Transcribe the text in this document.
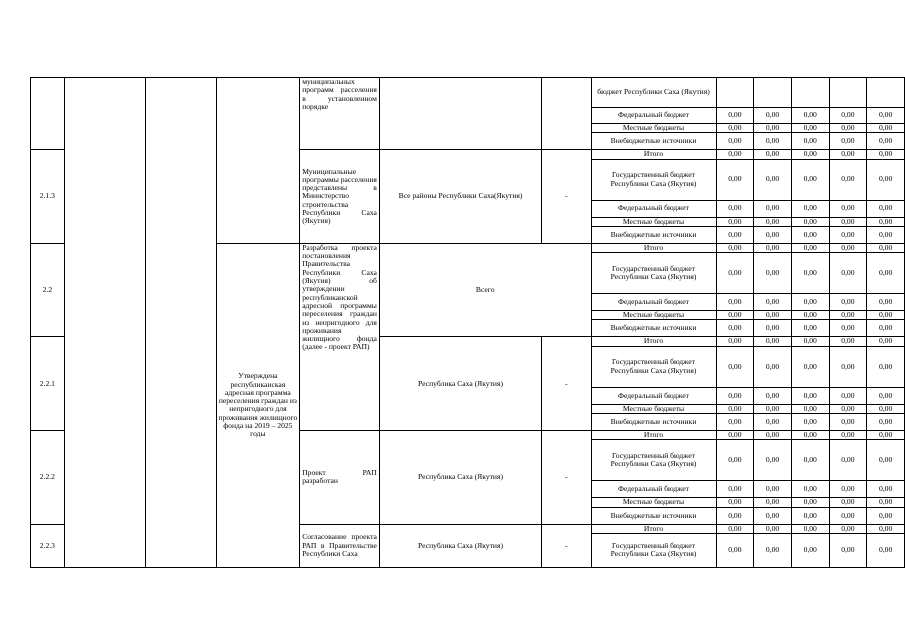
				муниципальных программ расселения в установленном порядке			бюджет Республики Саха (Якутия)					
							Федеральный бюджет	0,00	0,00	0,00	0,00	0,00
							Местные бюджеты	0,00	0,00	0,00	0,00	0,00
							Внебюджетные источники	0,00	0,00	0,00	0,00	0,00
2.1.3				Муниципальные программы расселения представлены в Министерство строительства Республики Саха (Якутия)	Все районы Республики Саха(Якутия)	-	Итого	0,00	0,00	0,00	0,00	0,00
							Государственный бюджет Республики Саха (Якутия)	0,00	0,00	0,00	0,00	0,00
							Федеральный бюджет	0,00	0,00	0,00	0,00	0,00
							Местные бюджеты	0,00	0,00	0,00	0,00	0,00
							Внебюджетные источники	0,00	0,00	0,00	0,00	0,00
2.2			Утверждена республиканская адресная программа переселения граждан из непригодного для проживания жилищного фонда на 2019 – 2025 годы	Разработка проекта постановления Правительства Республики Саха (Якутия) об утверждении республиканской адресной программы переселения граждан из непригодного для проживания жилищного фонда (далее - проект РАП)	Всего		Итого	0,00	0,00	0,00	0,00	0,00
							Государственный бюджет Республики Саха (Якутия)	0,00	0,00	0,00	0,00	0,00
							Федеральный бюджет	0,00	0,00	0,00	0,00	0,00
							Местные бюджеты	0,00	0,00	0,00	0,00	0,00
							Внебюджетные источники	0,00	0,00	0,00	0,00	0,00
2.2.1					Республика Саха (Якутия)	-	Итого	0,00	0,00	0,00	0,00	0,00
							Государственный бюджет Республики Саха (Якутия)	0,00	0,00	0,00	0,00	0,00
							Федеральный бюджет	0,00	0,00	0,00	0,00	0,00
							Местные бюджеты	0,00	0,00	0,00	0,00	0,00
							Внебюджетные источники	0,00	0,00	0,00	0,00	0,00
2.2.2				Проект РАП разработан	Республика Саха (Якутия)	-	Итого	0,00	0,00	0,00	0,00	0,00
							Государственный бюджет Республики Саха (Якутия)	0,00	0,00	0,00	0,00	0,00
							Федеральный бюджет	0,00	0,00	0,00	0,00	0,00
							Местные бюджеты	0,00	0,00	0,00	0,00	0,00
							Внебюджетные источники	0,00	0,00	0,00	0,00	0,00
2.2.3				Согласование проекта РАП в Правительстве Республики Саха	Республика Саха (Якутия)	-	Итого	0,00	0,00	0,00	0,00	0,00
							Государственный бюджет Республики Саха (Якутия)	0,00	0,00	0,00	0,00	0,00
